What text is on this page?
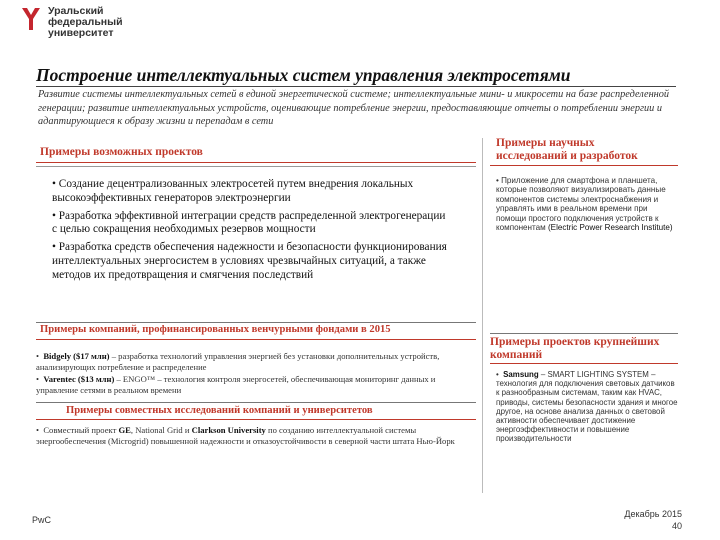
Уральский
федеральный
университет
Построение интеллектуальных систем управления электросетями
Развитие системы интеллектуальных сетей в единой энергетической системе; интеллектуальные мини- и микросети на базе распределенной генерации; развитие интеллектуальных устройств, оценивающие потребление энергии, предоставляющие отчеты о потреблении энергии и адаптирующиеся к образу жизни и перепадам в сети
Примеры возможных проектов

• Создание децентрализованных электросетей путем внедрения локальных высокоэффективных генераторов электроэнергии

• Разработка эффективной интеграции средств распределенной электрогенерации с целью сокращения необходимых резервов мощности

• Разработка средств обеспечения надежности и безопасности функционирования интеллектуальных энергосистем в условиях чрезвычайных ситуаций, а также методов их предотвращения и смягчения последствий

Примеры компаний, профинансированных венчурными фондами в 2015
•  Bidgely ($17 млн) – разработка технологий управления энергией без установки дополнительных устройств, анализирующих потребление и распределение
•  Varentec ($13 млн) – ENGO™ – технология контроля энергосетей, обеспечивающая мониторинг данных и управление сетями в реальном времени
Примеры совместных исследований компаний и университетов
•  Совместный проект GE, National Grid и Clarkson University по созданию интеллектуальной системы энергообеспечения (Microgrid) повышенной надежности и отказоустойчивости в северной части штата Нью-Йорк
Примеры научных исследований и разработок
• Приложение для смартфона и планшета, которые позволяют визуализировать данные компонентов системы электроснабжения и управлять ими в реальном времени при помощи простого подключения устройств к компонентам (Electric Power Research Institute)
Примеры проектов крупнейших компаний
•  Samsung – SMART LIGHTING SYSTEM – технология для подключения световых датчиков к разнообразным системам, таким как HVAC, приводы, системы безопасности здания и многое другое, на основе анализа данных о световой активности обеспечивает достижение энергоэффективности и повышение производительности
PwC
Декабрь 2015
40
